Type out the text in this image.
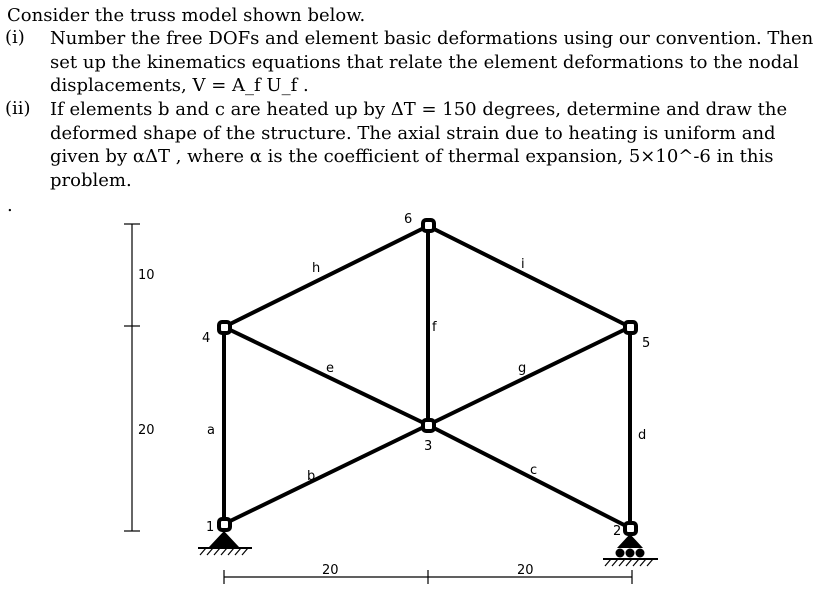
Consider the truss model shown below.
(i) Number the free DOFs and element basic deformations using our convention. Then
set up the kinematics equations that relate the element deformations to the nodal
displacements, V = A_f U_f .
(ii) If elements b and c are heated up by ΔT = 150 degrees, determine and draw the
deformed shape of the structure. The axial strain due to heating is uniform and
given by αΔT , where α is the coefficient of thermal expansion, 5×10^-6 in this
problem.
.
1	2
3
4	5
6
a
b	c
d
e
f
g
h	i
10
20
20	20
